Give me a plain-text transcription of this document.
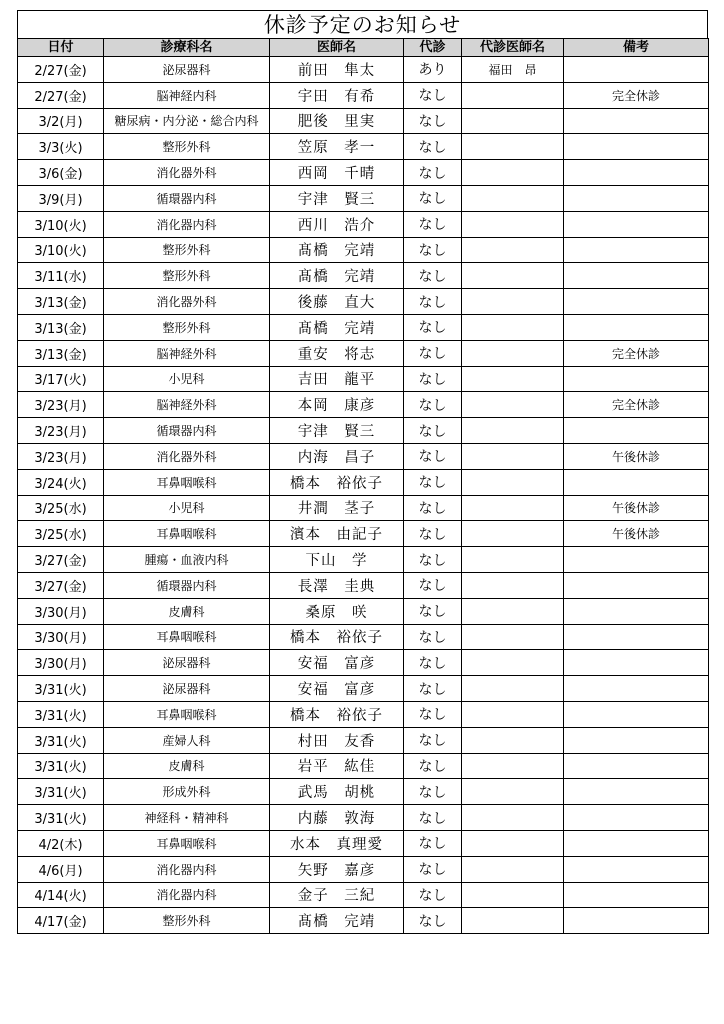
休診予定のお知らせ
日付	診療科名	医師名	代診	代診医師名	備考
2/27(金)	泌尿器科	前田　隼太	あり	福田　昂	
2/27(金)	脳神経内科	宇田　有希	なし		完全休診
3/2(月)	糖尿病・内分泌・総合内科	肥後　里実	なし		
3/3(火)	整形外科	笠原　孝一	なし		
3/6(金)	消化器外科	西岡　千晴	なし		
3/9(月)	循環器内科	宇津　賢三	なし		
3/10(火)	消化器内科	西川　浩介	なし		
3/10(火)	整形外科	髙橋　完靖	なし		
3/11(水)	整形外科	髙橋　完靖	なし		
3/13(金)	消化器外科	後藤　直大	なし		
3/13(金)	整形外科	髙橋　完靖	なし		
3/13(金)	脳神経外科	重安　将志	なし		完全休診
3/17(火)	小児科	吉田　龍平	なし		
3/23(月)	脳神経外科	本岡　康彦	なし		完全休診
3/23(月)	循環器内科	宇津　賢三	なし		
3/23(月)	消化器外科	内海　昌子	なし		午後休診
3/24(火)	耳鼻咽喉科	橋本　裕依子	なし		
3/25(水)	小児科	井澗　茎子	なし		午後休診
3/25(水)	耳鼻咽喉科	濱本　由記子	なし		午後休診
3/27(金)	腫瘍・血液内科	下山　学	なし		
3/27(金)	循環器内科	長澤　圭典	なし		
3/30(月)	皮膚科	桑原　咲	なし		
3/30(月)	耳鼻咽喉科	橋本　裕依子	なし		
3/30(月)	泌尿器科	安福　富彦	なし		
3/31(火)	泌尿器科	安福　富彦	なし		
3/31(火)	耳鼻咽喉科	橋本　裕依子	なし		
3/31(火)	産婦人科	村田　友香	なし		
3/31(火)	皮膚科	岩平　紘佳	なし		
3/31(火)	形成外科	武馬　胡桃	なし		
3/31(火)	神経科・精神科	内藤　敦海	なし		
4/2(木)	耳鼻咽喉科	水本　真理愛	なし		
4/6(月)	消化器内科	矢野　嘉彦	なし		
4/14(火)	消化器内科	金子　三紀	なし		
4/17(金)	整形外科	髙橋　完靖	なし		
